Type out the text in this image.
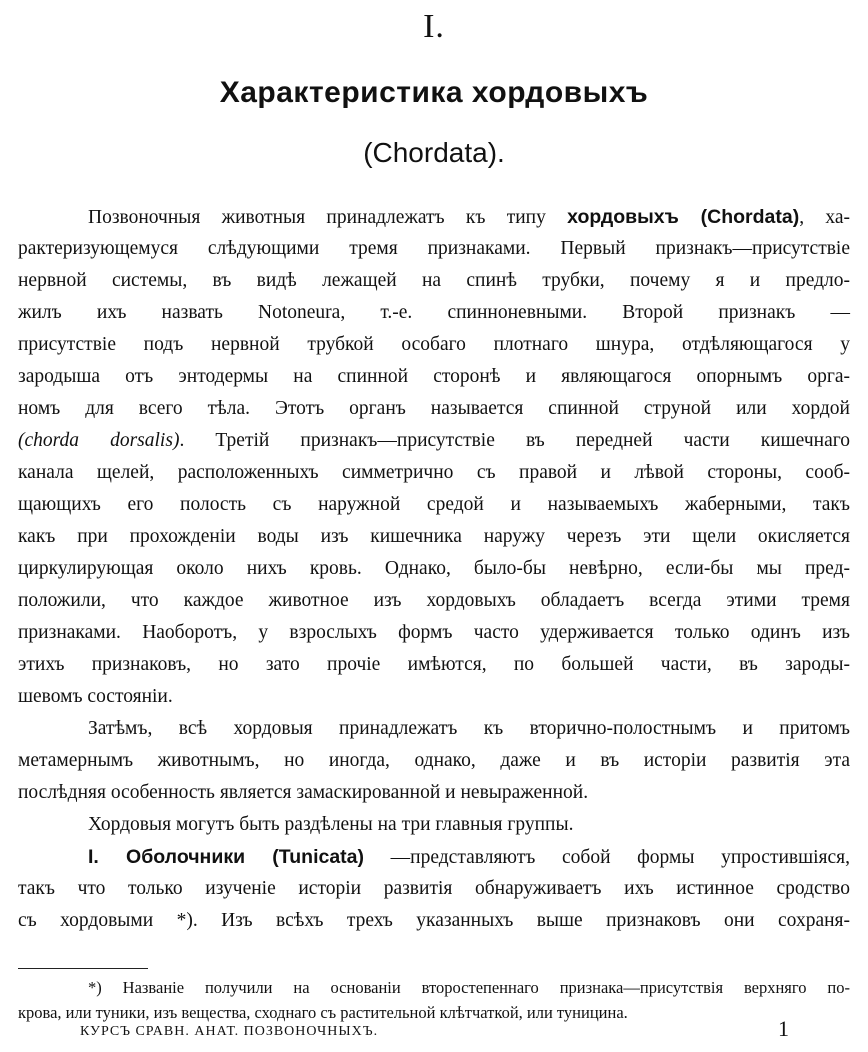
I.
Характеристика хордовыхъ
(Chordata).
Позвоночныя животныя принадлежатъ къ типу хордовыхъ (Chordata), ха-
рактеризующемуся слѣдующими тремя признаками. Первый признакъ—присутствіе
нервной системы, въ видѣ лежащей на спинѣ трубки, почему я и предло-
жилъ ихъ назвать Notoneura, т.-е. спинноневными. Второй признакъ —
присутствіе подъ нервной трубкой особаго плотнаго шнура, отдѣляющагося у
зародыша отъ энтодермы на спинной сторонѣ и являющагося опорнымъ орга-
номъ для всего тѣла. Этотъ органъ называется спинной струной или хордой
(chorda dorsalis). Третій признакъ—присутствіе въ передней части кишечнаго
канала щелей, расположенныхъ симметрично съ правой и лѣвой стороны, сооб-
щающихъ его полость съ наружной средой и называемыхъ жаберными, такъ
какъ при прохожденіи воды изъ кишечника наружу черезъ эти щели окисляется
циркулирующая около нихъ кровь. Однако, было-бы невѣрно, если-бы мы пред-
положили, что каждое животное изъ хордовыхъ обладаетъ всегда этими тремя
признаками. Наоборотъ, у взрослыхъ формъ часто удерживается только одинъ изъ
этихъ признаковъ, но зато прочіе имѣются, по большей части, въ зароды-
шевомъ состояніи.
Затѣмъ, всѣ хордовыя принадлежатъ къ вторично-полостнымъ и притомъ
метамернымъ животнымъ, но иногда, однако, даже и въ исторіи развитія эта
послѣдняя особенность является замаскированной и невыраженной.
Хордовыя могутъ быть раздѣлены на три главныя группы.
I. Оболочники (Tunicata) —представляютъ собой формы упростившіяся,
такъ что только изученіе исторіи развитія обнаруживаетъ ихъ истинное сродство
съ хордовыми *). Изъ всѣхъ трехъ указанныхъ выше признаковъ они сохраня-
*) Названіе получили на основаніи второстепеннаго признака—присутствія верхняго по-
крова, или туники, изъ вещества, сходнаго съ растительной клѣтчаткой, или туницина.
КУРСЪ СРАВН. АНАТ. ПОЗВОНОЧНЫХЪ.	1
